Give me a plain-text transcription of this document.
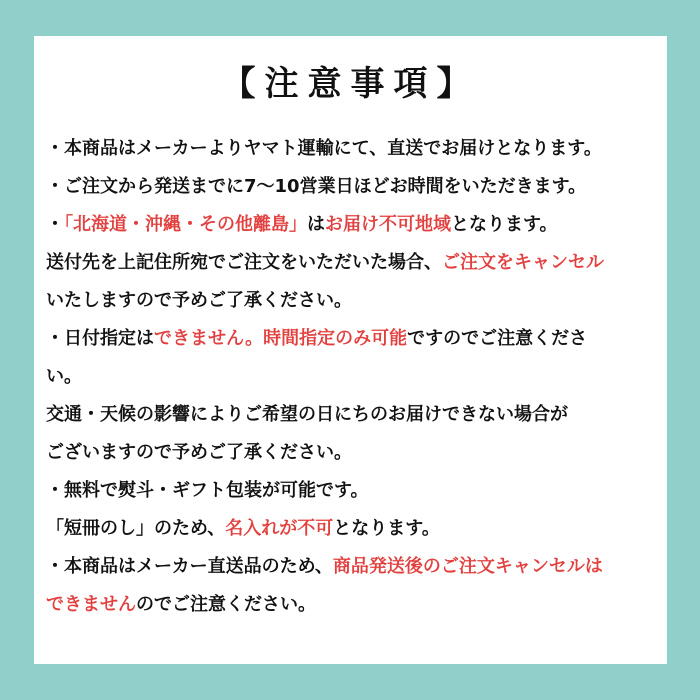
【注意事項】
・本商品はメーカーよりヤマト運輸にて、直送でお届けとなります。
・ご注文から発送までに7～10営業日ほどお時間をいただきます。
・「北海道・沖縄・その他離島」はお届け不可地域となります。
送付先を上記住所宛でご注文をいただいた場合、ご注文をキャンセル
いたしますので予めご了承ください。
・日付指定はできません。時間指定のみ可能ですのでご注意くださ
い。
交通・天候の影響によりご希望の日にちのお届けできない場合が
ございますので予めご了承ください。
・無料で熨斗・ギフト包装が可能です。
「短冊のし」のため、名入れが不可となります。
・本商品はメーカー直送品のため、商品発送後のご注文キャンセルは
できませんのでご注意ください。
